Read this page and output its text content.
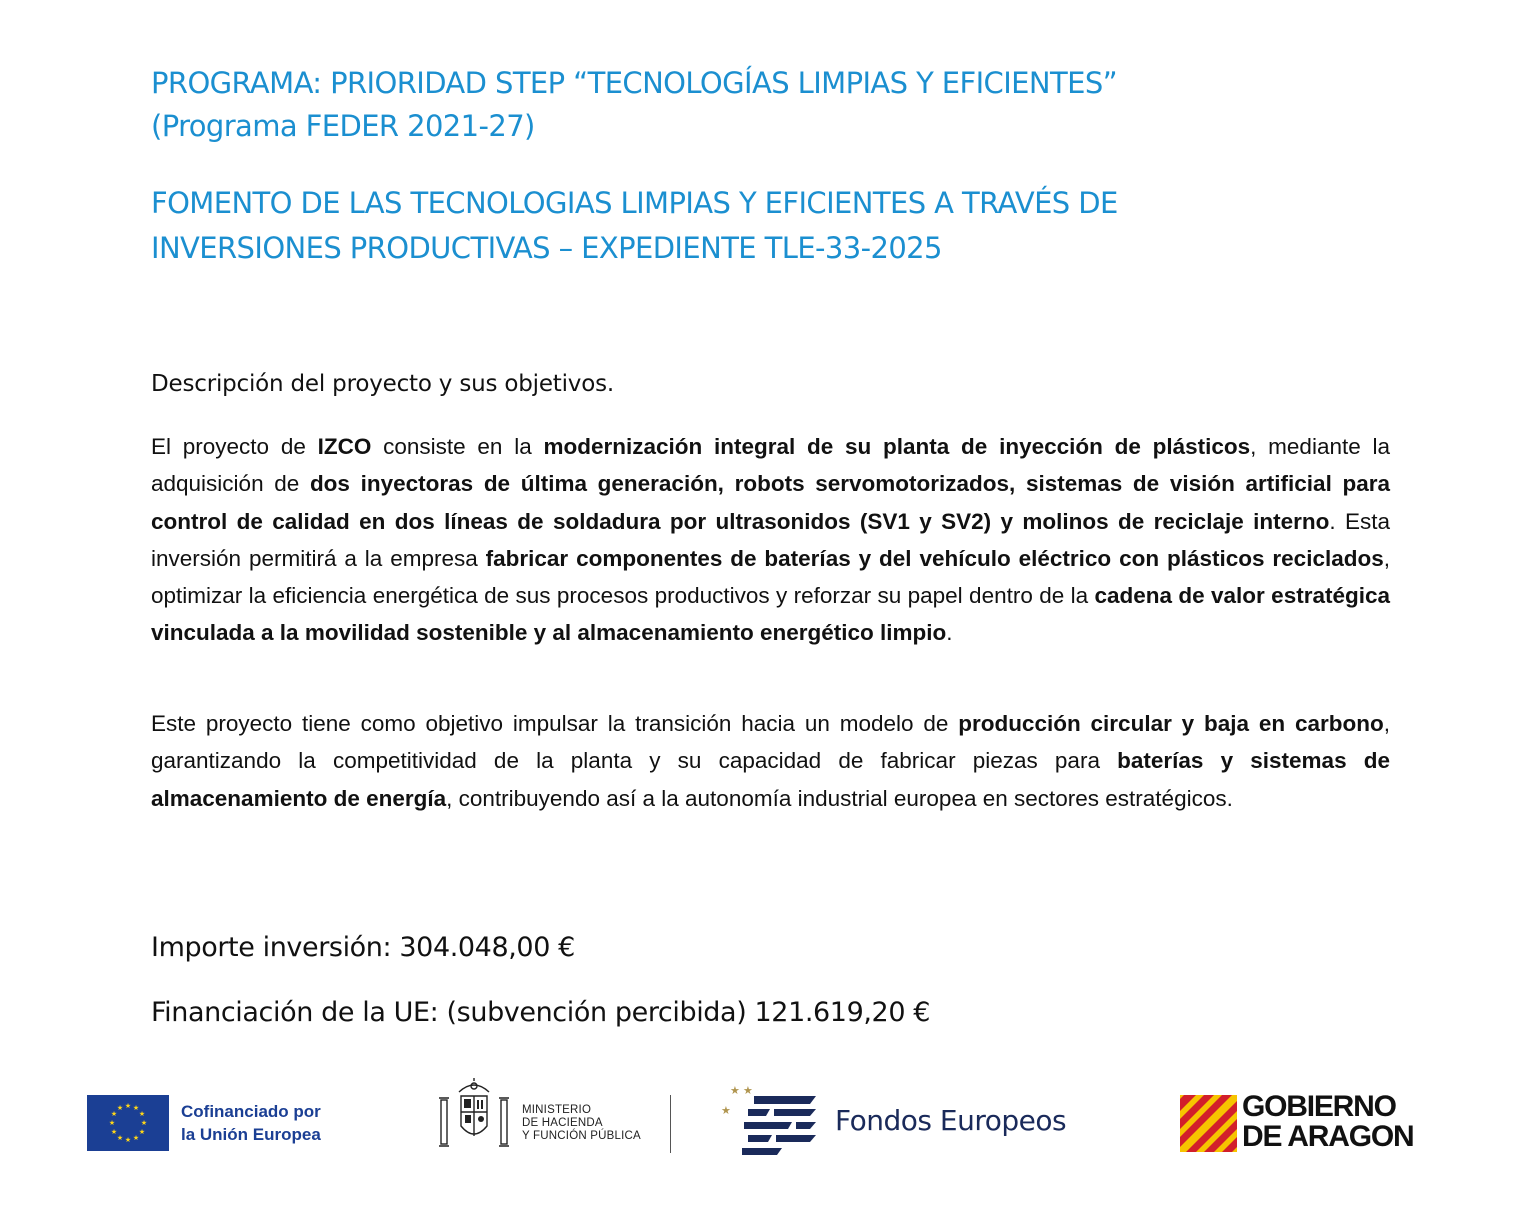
PROGRAMA: PRIORIDAD STEP “TECNOLOGÍAS LIMPIAS Y EFICIENTES”
(Programa FEDER 2021-27)
FOMENTO DE LAS TECNOLOGIAS LIMPIAS Y EFICIENTES A TRAVÉS DE
INVERSIONES PRODUCTIVAS – EXPEDIENTE TLE-33-2025
Descripción del proyecto y sus objetivos.

El proyecto de IZCO consiste en la modernización integral de su planta de inyección de plásticos, mediante la adquisición de dos inyectoras de última generación, robots servomotorizados, sistemas de visión artificial para control de calidad en dos líneas de soldadura por ultrasonidos (SV1 y SV2) y molinos de reciclaje interno. Esta inversión permitirá a la empresa fabricar componentes de baterías y del vehículo eléctrico con plásticos reciclados, optimizar la eficiencia energética de sus procesos productivos y reforzar su papel dentro de la cadena de valor estratégica vinculada a la movilidad sostenible y al almacenamiento energético limpio.

Este proyecto tiene como objetivo impulsar la transición hacia un modelo de producción circular y baja en carbono, garantizando la competitividad de la planta y su capacidad de fabricar piezas para baterías y sistemas de almacenamiento de energía, contribuyendo así a la autonomía industrial europea en sectores estratégicos.

Importe inversión: 304.048,00 €

Financiación de la UE: (subvención percibida) 121.619,20 €

★ ★
★
★
★
★
★
★
★
★
★
★	Cofinanciado por
la Unión Europea
MINISTERIO
DE HACIENDA
Y FUNCIÓN PÚBLICA
★ ★
★	Fondos Europeos	GOBIERNO
DE ARAGON
